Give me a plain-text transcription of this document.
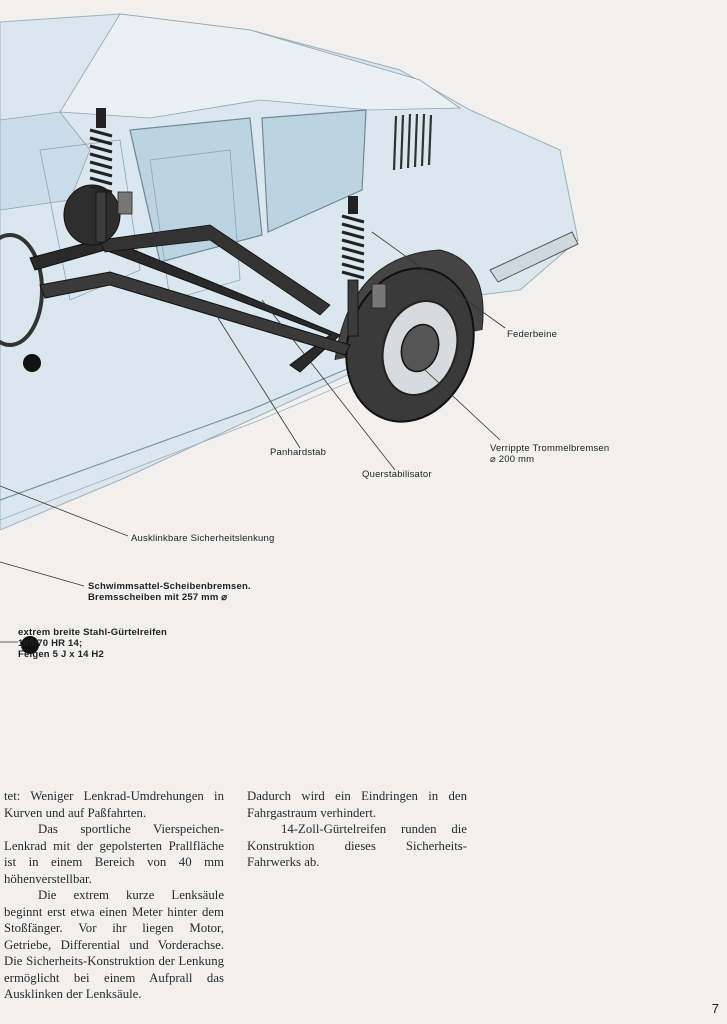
Federbeine
Verrippte Trommelbremsen
⌀ 200 mm
Panhardstab
Querstabilisator
Ausklinkbare Sicherheitslenkung
Schwimmsattel-Scheibenbremsen.
Bremsscheiben mit 257 mm ⌀
extrem breite Stahl-Gürtelreifen
185/70 HR 14;
Felgen 5 J x 14 H2

tet: Weniger Lenkrad-Umdrehungen in Kurven und auf Paßfahrten.

Das sportliche Vierspeichen-Lenkrad mit der gepolsterten Prallfläche ist in einem Bereich von 40 mm höhenverstellbar.

Die extrem kurze Lenksäule beginnt erst etwa einen Meter hinter dem Stoßfänger. Vor ihr liegen Motor, Getriebe, Differential und Vorderachse. Die Sicherheits-Konstruktion der Lenkung ermöglicht bei einem Aufprall das Ausklinken der Lenksäule.

Dadurch wird ein Eindringen in den Fahrgastraum verhindert.

14-Zoll-Gürtelreifen runden die Konstruktion dieses Sicherheits-Fahrwerks ab.

7
